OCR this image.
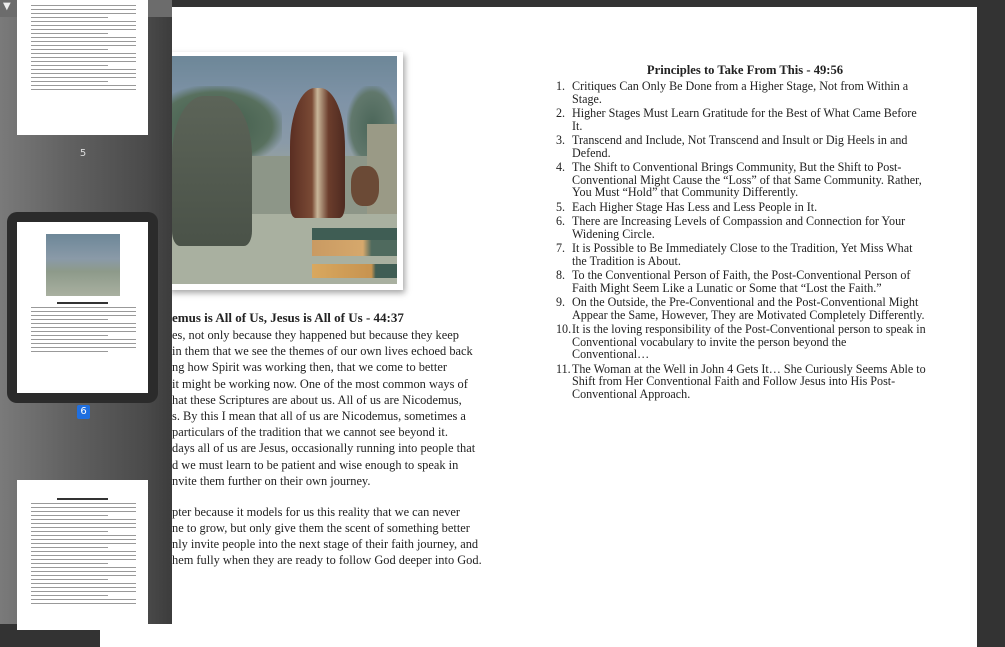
emus is All of Us, Jesus is All of Us - 44:37
es, not only because they happened but because they keep
in them that we see the themes of our own lives echoed back
ng how Spirit was working then, that we come to better
it might be working now. One of the most common ways of
hat these Scriptures are about us. All of us are Nicodemus,
s. By this I mean that all of us are Nicodemus, sometimes a
particulars of the tradition that we cannot see beyond it.
days all of us are Jesus, occasionally running into people that
d we must learn to be patient and wise enough to speak in
nvite them further on their own journey.
pter because it models for us this reality that we can never
ne to grow, but only give them the scent of something better
nly invite people into the next stage of their faith journey, and
hem fully when they are ready to follow God deeper into God.
Principles to Take From This - 49:56
1. Critiques Can Only Be Done from a Higher Stage, Not from Within a Stage.
2. Higher Stages Must Learn Gratitude for the Best of What Came Before It.
3. Transcend and Include, Not Transcend and Insult or Dig Heels in and Defend.
4. The Shift to Conventional Brings Community, But the Shift to Post-Conventional Might Cause the “Loss” of that Same Community. Rather, You Must “Hold” that Community Differently.
5. Each Higher Stage Has Less and Less People in It.
6. There are Increasing Levels of Compassion and Connection for Your Widening Circle.
7. It is Possible to Be Immediately Close to the Tradition, Yet Miss What the Tradition is About.
8. To the Conventional Person of Faith, the Post-Conventional Person of Faith Might Seem Like a Lunatic or Some that “Lost the Faith.”
9. On the Outside, the Pre-Conventional and the Post-Conventional Might Appear the Same, However, They are Motivated Completely Differently.
10. It is the loving responsibility of the Post-Conventional person to speak in Conventional vocabulary to invite the person beyond the Conventional…
11. The Woman at the Well in John 4 Gets It… She Curiously Seems Able to Shift from Her Conventional Faith and Follow Jesus into His Post-Conventional Approach.
▼
5
6
